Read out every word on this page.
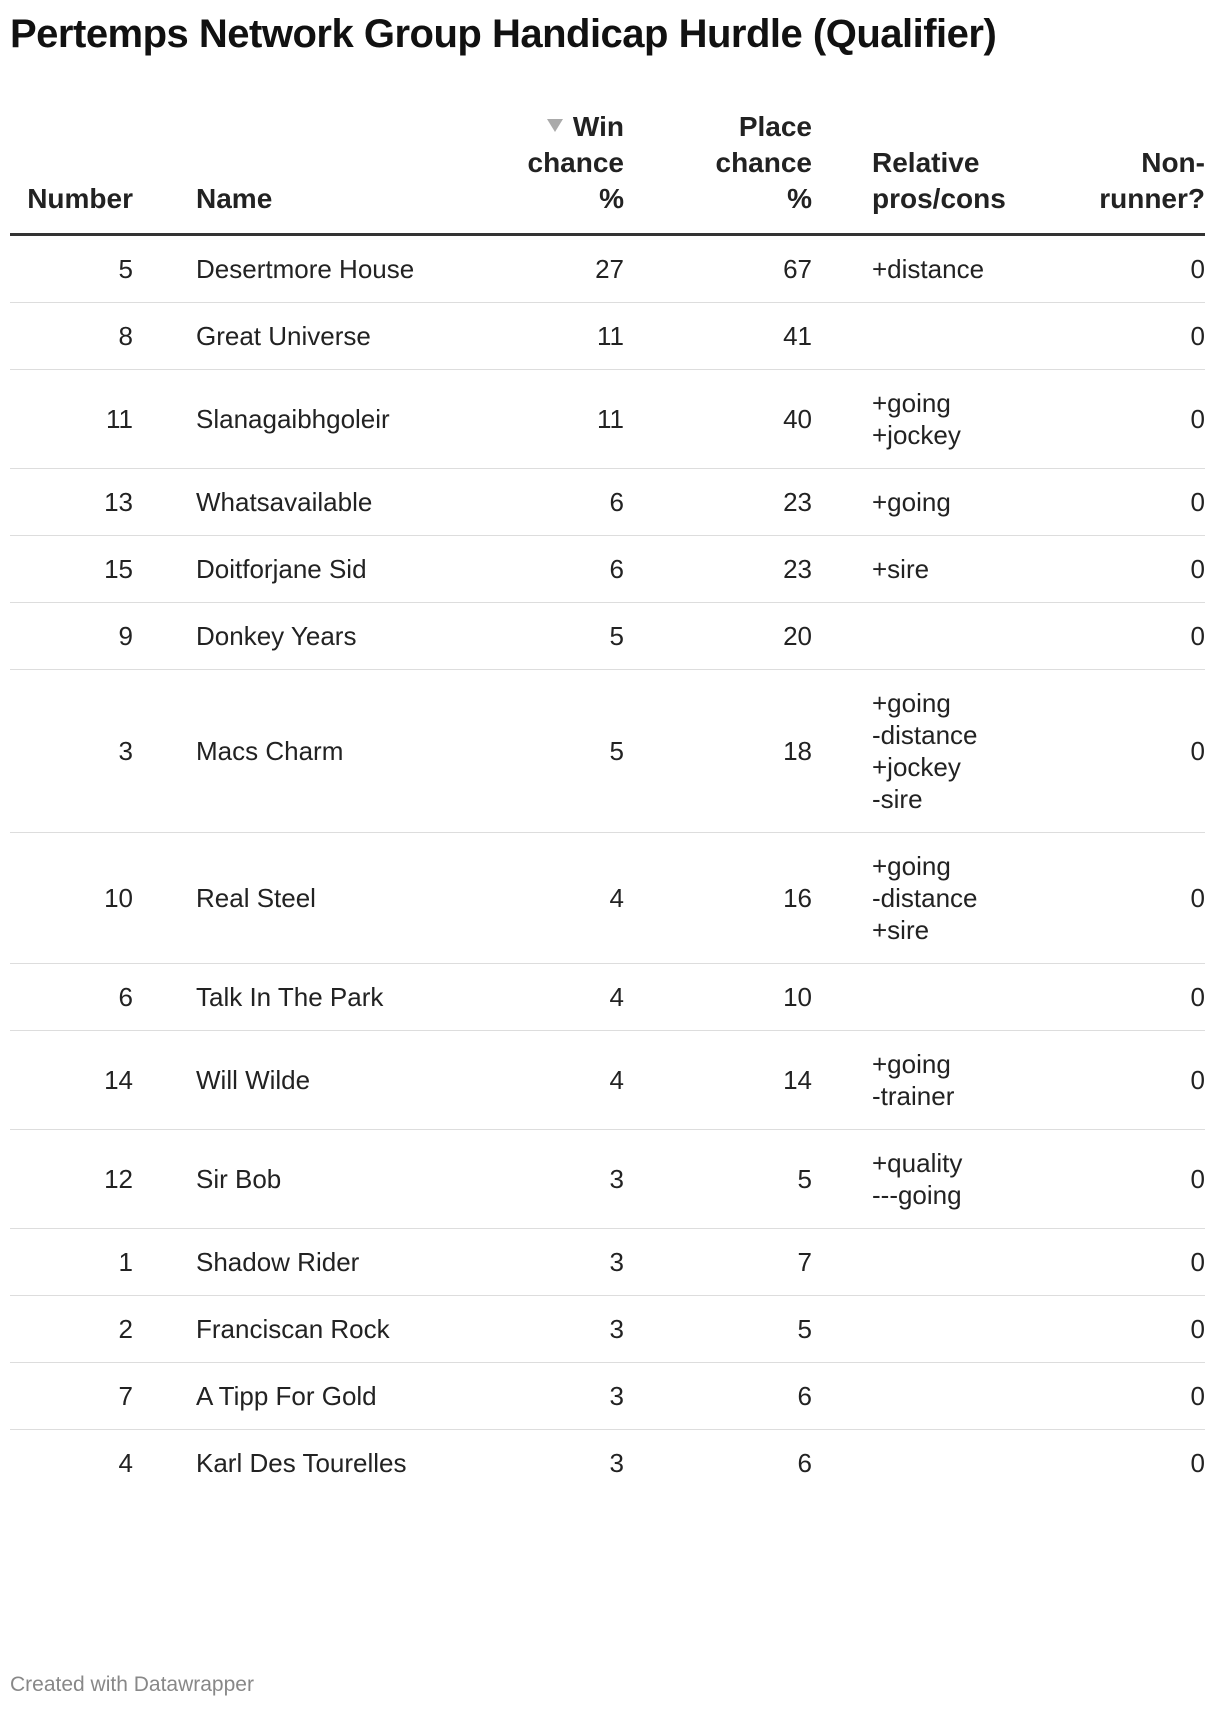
Pertemps Network Group Handicap Hurdle (Qualifier)
Number	Name	Win
chance
%	Place
chance
%	Relative
pros/cons	Non-
runner?
5	Desertmore House	27	67	+distance	0
8	Great Universe	11	41		0
11	Slanagaibhgoleir	11	40	+going
+jockey	0
13	Whatsavailable	6	23	+going	0
15	Doitforjane Sid	6	23	+sire	0
9	Donkey Years	5	20		0
3	Macs Charm	5	18	+going
-distance
+jockey
-sire	0
10	Real Steel	4	16	+going
-distance
+sire	0
6	Talk In The Park	4	10		0
14	Will Wilde	4	14	+going
-trainer	0
12	Sir Bob	3	5	+quality
---going	0
1	Shadow Rider	3	7		0
2	Franciscan Rock	3	5		0
7	A Tipp For Gold	3	6		0
4	Karl Des Tourelles	3	6		0
Created with Datawrapper
